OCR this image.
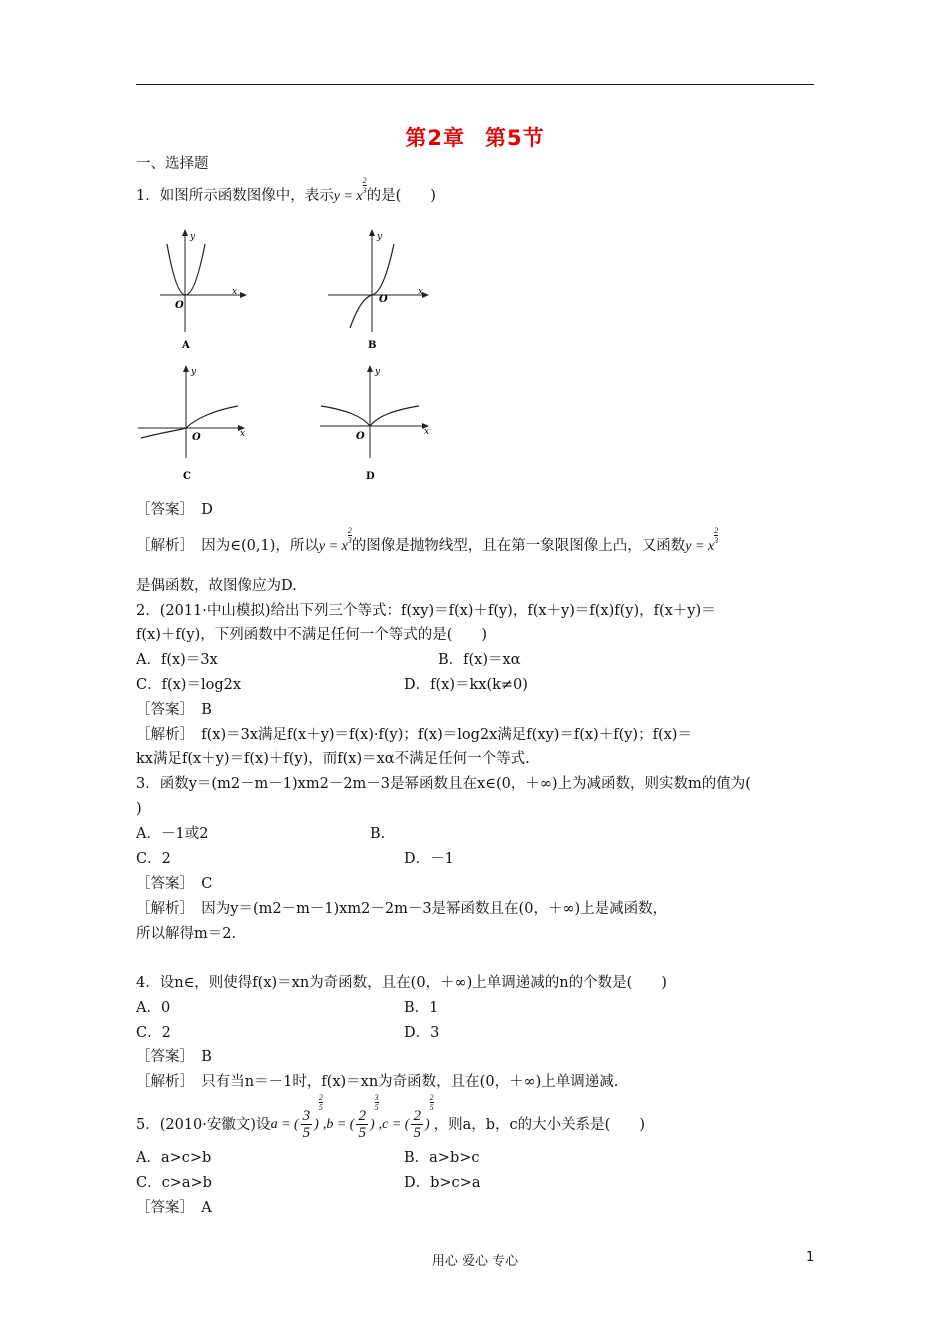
第2章 第5节
一、选择题
1．如图所示函数图像中，表示y = x
$\frac{2}{3}$
的是(　　)
y
x
O
A
y
x
O
B
y
x
O
C
y
x
O
D
［答案］　D
［解析］　因为∈(0,1)，所以y = x
$\frac{2}{3}$
的图像是抛物线型，且在第一象限图像上凸，又函数y = x
$\frac{2}{3}$
是偶函数，故图像应为D.
2．(2011·中山模拟)给出下列三个等式：f(xy)＝f(x)＋f(y)，f(x＋y)＝f(x)f(y)，f(x＋y)＝
f(x)＋f(y)，下列函数中不满足任何一个等式的是(　　)
A．f(x)＝3x	B．f(x)＝xα
C．f(x)＝log2x	D．f(x)＝kx(k≠0)
［答案］　B
［解析］　f(x)＝3x满足f(x＋y)＝f(x)·f(y)；f(x)＝log2x满足f(xy)＝f(x)＋f(y)；f(x)＝
kx满足f(x＋y)＝f(x)＋f(y)，而f(x)＝xα不满足任何一个等式.
3．函数y＝(m2－m－1)xm2－2m－3是幂函数且在x∈(0，＋∞)上为减函数，则实数m的值为(
)
A．－1或2	B.
C．2	D．－1
［答案］　C
［解析］　因为y＝(m2－m－1)xm2－2m－3是幂函数且在(0，＋∞)上是减函数，
所以解得m＝2.
4．设n∈，则使得f(x)＝xn为奇函数，且在(0，＋∞)上单调递减的n的个数是(　　)
A．0	B．1
C．2	D．3
［答案］　B
［解析］　只有当n＝－1时，f(x)＝xn为奇函数，且在(0，＋∞)上单调递减.
5．(2010·安徽文)设a = ( $\frac{3}{5}$ )
$\frac{2}{5}$
,b = ( $\frac{2}{5}$ )
$\frac{3}{5}$
,c = ( $\frac{2}{5}$ )
$\frac{2}{5}$
，则a，b，c的大小关系是(　　)
A．a>c>b	B．a>b>c
C．c>a>b	D．b>c>a
［答案］　A
用心 爱心 专心	1
